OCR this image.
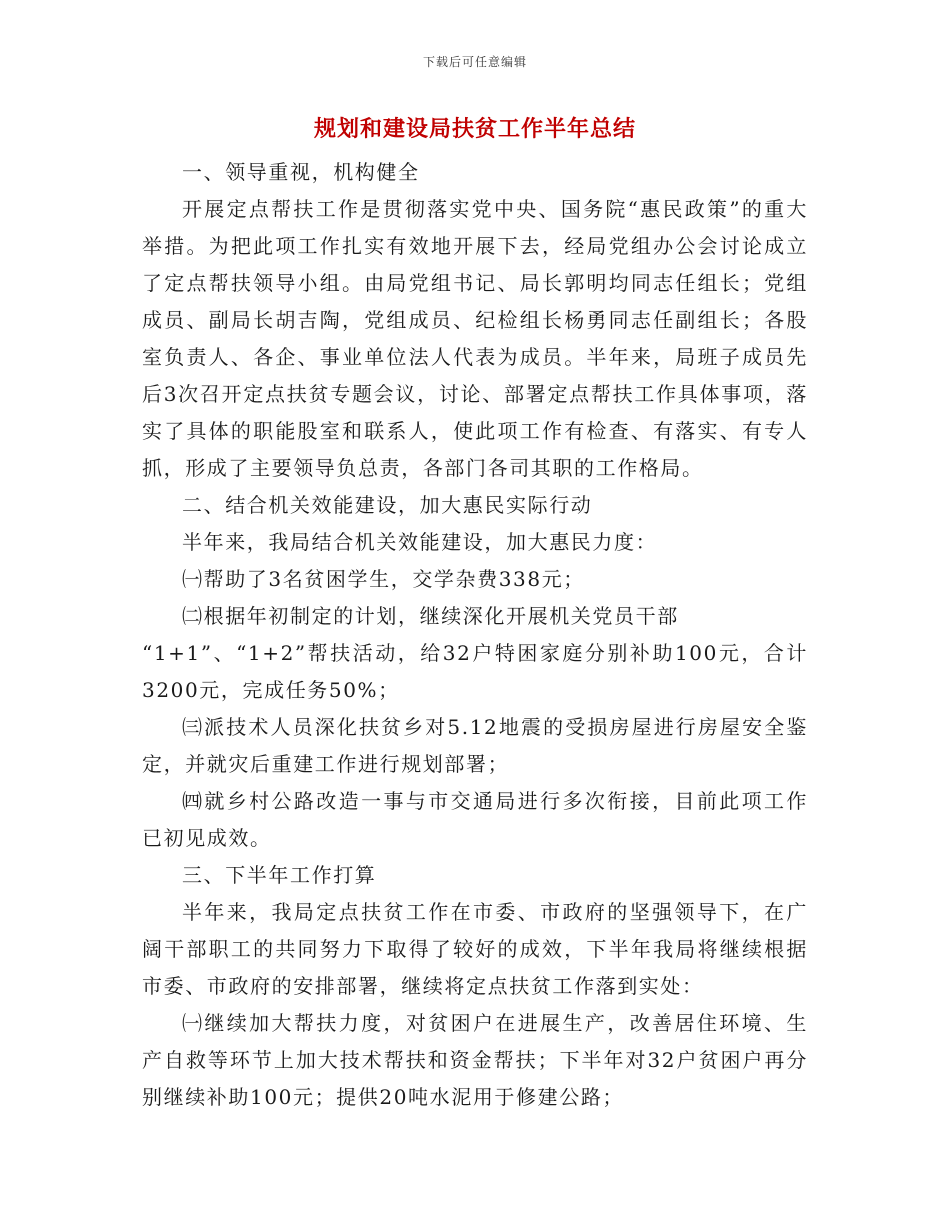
下载后可任意编辑
规划和建设局扶贫工作半年总结

一、领导重视，机构健全

开展定点帮扶工作是贯彻落实党中央、国务院“惠民政策”的重大举措。为把此项工作扎实有效地开展下去，经局党组办公会讨论成立了定点帮扶领导小组。由局党组书记、局长郭明均同志任组长；党组成员、副局长胡吉陶，党组成员、纪检组长杨勇同志任副组长；各股室负责人、各企、事业单位法人代表为成员。半年来，局班子成员先后3次召开定点扶贫专题会议，讨论、部署定点帮扶工作具体事项，落实了具体的职能股室和联系人，使此项工作有检查、有落实、有专人抓，形成了主要领导负总责，各部门各司其职的工作格局。

二、结合机关效能建设，加大惠民实际行动

半年来，我局结合机关效能建设，加大惠民力度：

㈠帮助了3名贫困学生，交学杂费338元；

㈡根据年初制定的计划，继续深化开展机关党员干部

“1+1”、“1+2”帮扶活动，给32户特困家庭分别补助100元，合计3200元，完成任务50%；

㈢派技术人员深化扶贫乡对5.12地震的受损房屋进行房屋安全鉴定，并就灾后重建工作进行规划部署；

㈣就乡村公路改造一事与市交通局进行多次衔接，目前此项工作已初见成效。

三、下半年工作打算

半年来，我局定点扶贫工作在市委、市政府的坚强领导下，在广阔干部职工的共同努力下取得了较好的成效，下半年我局将继续根据市委、市政府的安排部署，继续将定点扶贫工作落到实处：

㈠继续加大帮扶力度，对贫困户在进展生产，改善居住环境、生产自救等环节上加大技术帮扶和资金帮扶；下半年对32户贫困户再分别继续补助100元；提供20吨水泥用于修建公路；
